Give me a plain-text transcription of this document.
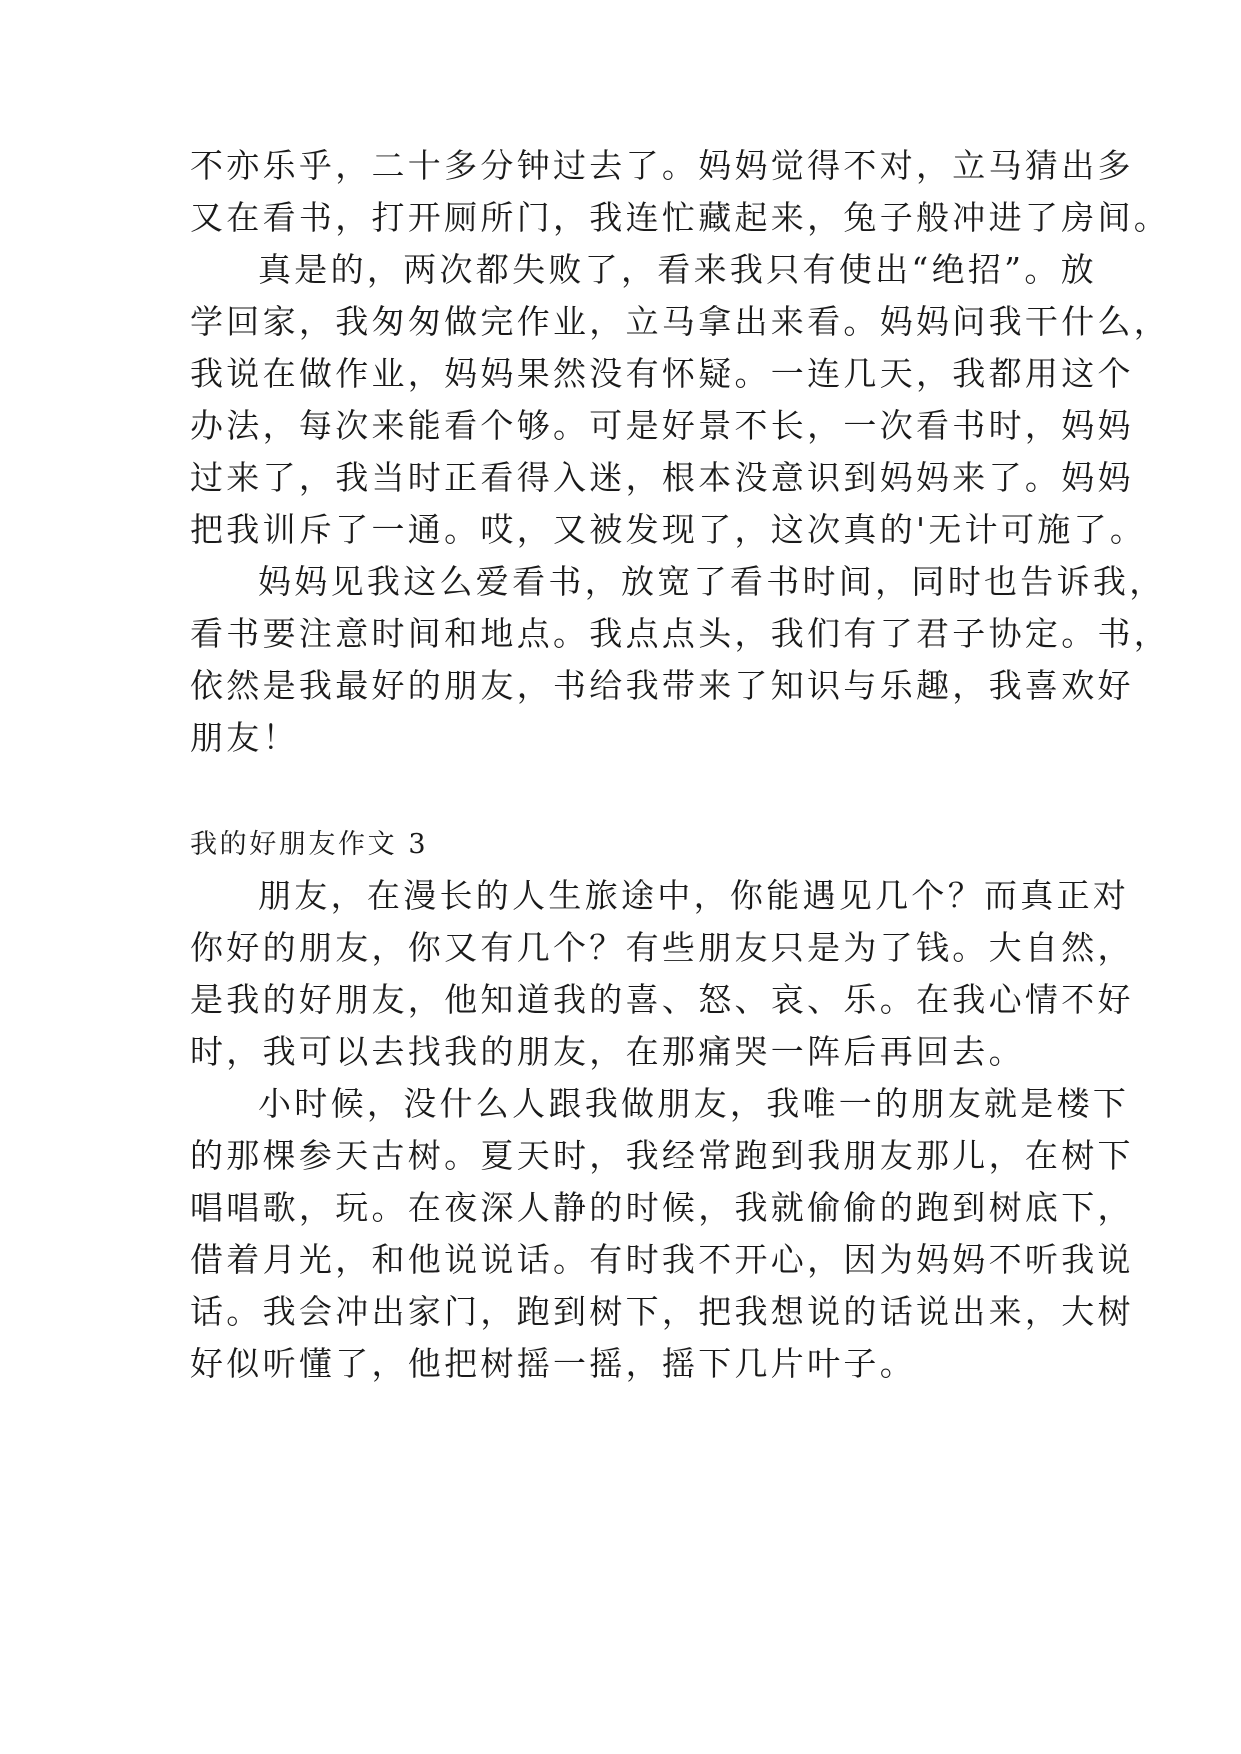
不亦乐乎，二十多分钟过去了。妈妈觉得不对，立马猜出多
又在看书，打开厕所门，我连忙藏起来，兔子般冲进了房间。
真是的，两次都失败了，看来我只有使出“绝招”。放
学回家，我匆匆做完作业，立马拿出来看。妈妈问我干什么，
我说在做作业，妈妈果然没有怀疑。一连几天，我都用这个
办法，每次来能看个够。可是好景不长，一次看书时，妈妈
过来了，我当时正看得入迷，根本没意识到妈妈来了。妈妈
把我训斥了一通。哎，又被发现了，这次真的'无计可施了。
妈妈见我这么爱看书，放宽了看书时间，同时也告诉我，
看书要注意时间和地点。我点点头，我们有了君子协定。书，
依然是我最好的朋友，书给我带来了知识与乐趣，我喜欢好
朋友！
我的好朋友作文 3
朋友，在漫长的人生旅途中，你能遇见几个？而真正对
你好的朋友，你又有几个？有些朋友只是为了钱。大自然，
是我的好朋友，他知道我的喜、怒、哀、乐。在我心情不好
时，我可以去找我的朋友，在那痛哭一阵后再回去。
小时候，没什么人跟我做朋友，我唯一的朋友就是楼下
的那棵参天古树。夏天时，我经常跑到我朋友那儿，在树下
唱唱歌，玩。在夜深人静的时候，我就偷偷的跑到树底下，
借着月光，和他说说话。有时我不开心，因为妈妈不听我说
话。我会冲出家门，跑到树下，把我想说的话说出来，大树
好似听懂了，他把树摇一摇，摇下几片叶子。
